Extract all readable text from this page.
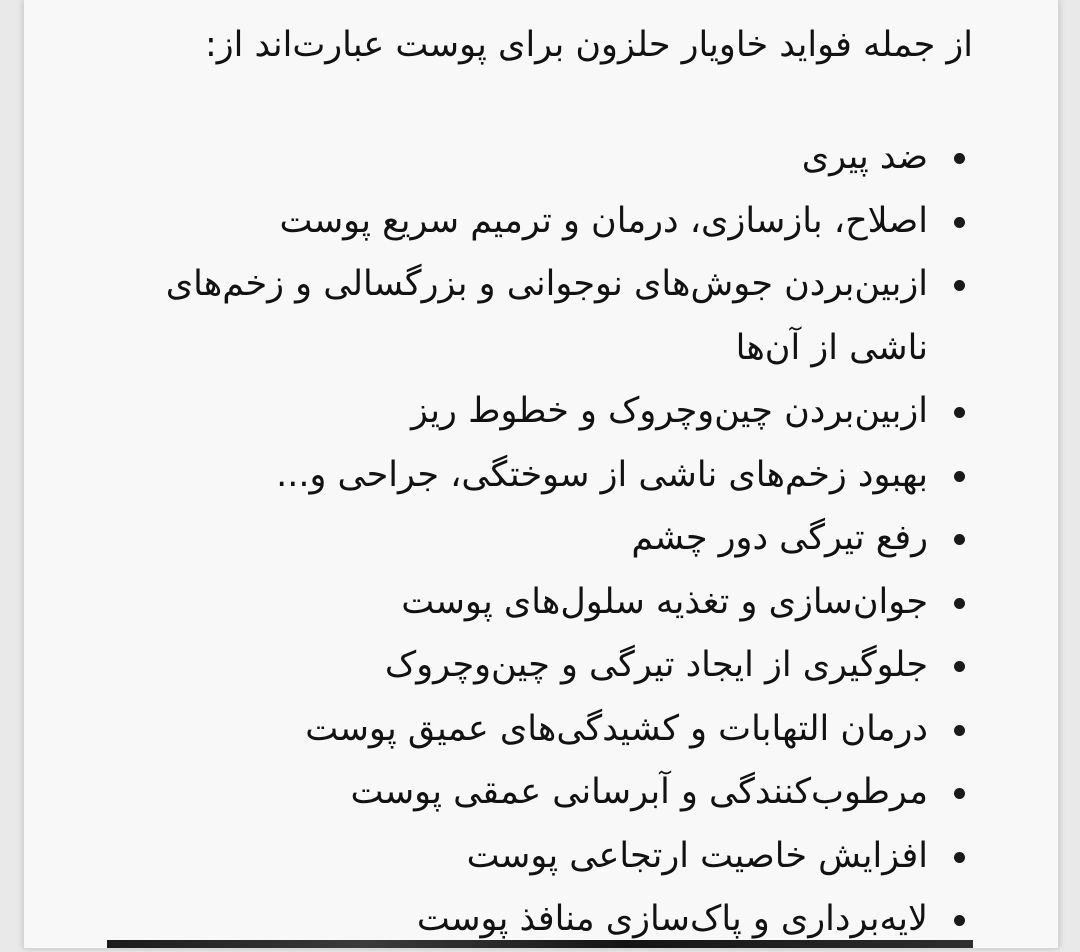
از جمله فواید خاویار حلزون برای پوست عبارت‌اند از:

ضد پیری
اصلاح، بازسازی، درمان و ترمیم سریع پوست
ازبین‌بردن جوش‌های نوجوانی و بزرگسالی و زخم‌های ناشی از آن‌ها
ازبین‌بردن چین‌وچروک و خطوط ریز
بهبود زخم‌های ناشی از سوختگی، جراحی و...
رفع تیرگی دور چشم
جوان‌سازی و تغذیه سلول‌های پوست
جلوگیری از ایجاد تیرگی و چین‌وچروک
درمان التهابات و کشیدگی‌های عمیق پوست
مرطوب‌کنندگی و آبرسانی عمقی پوست
افزایش خاصیت ارتجاعی پوست
لایه‌برداری و پاک‌سازی منافذ پوست
